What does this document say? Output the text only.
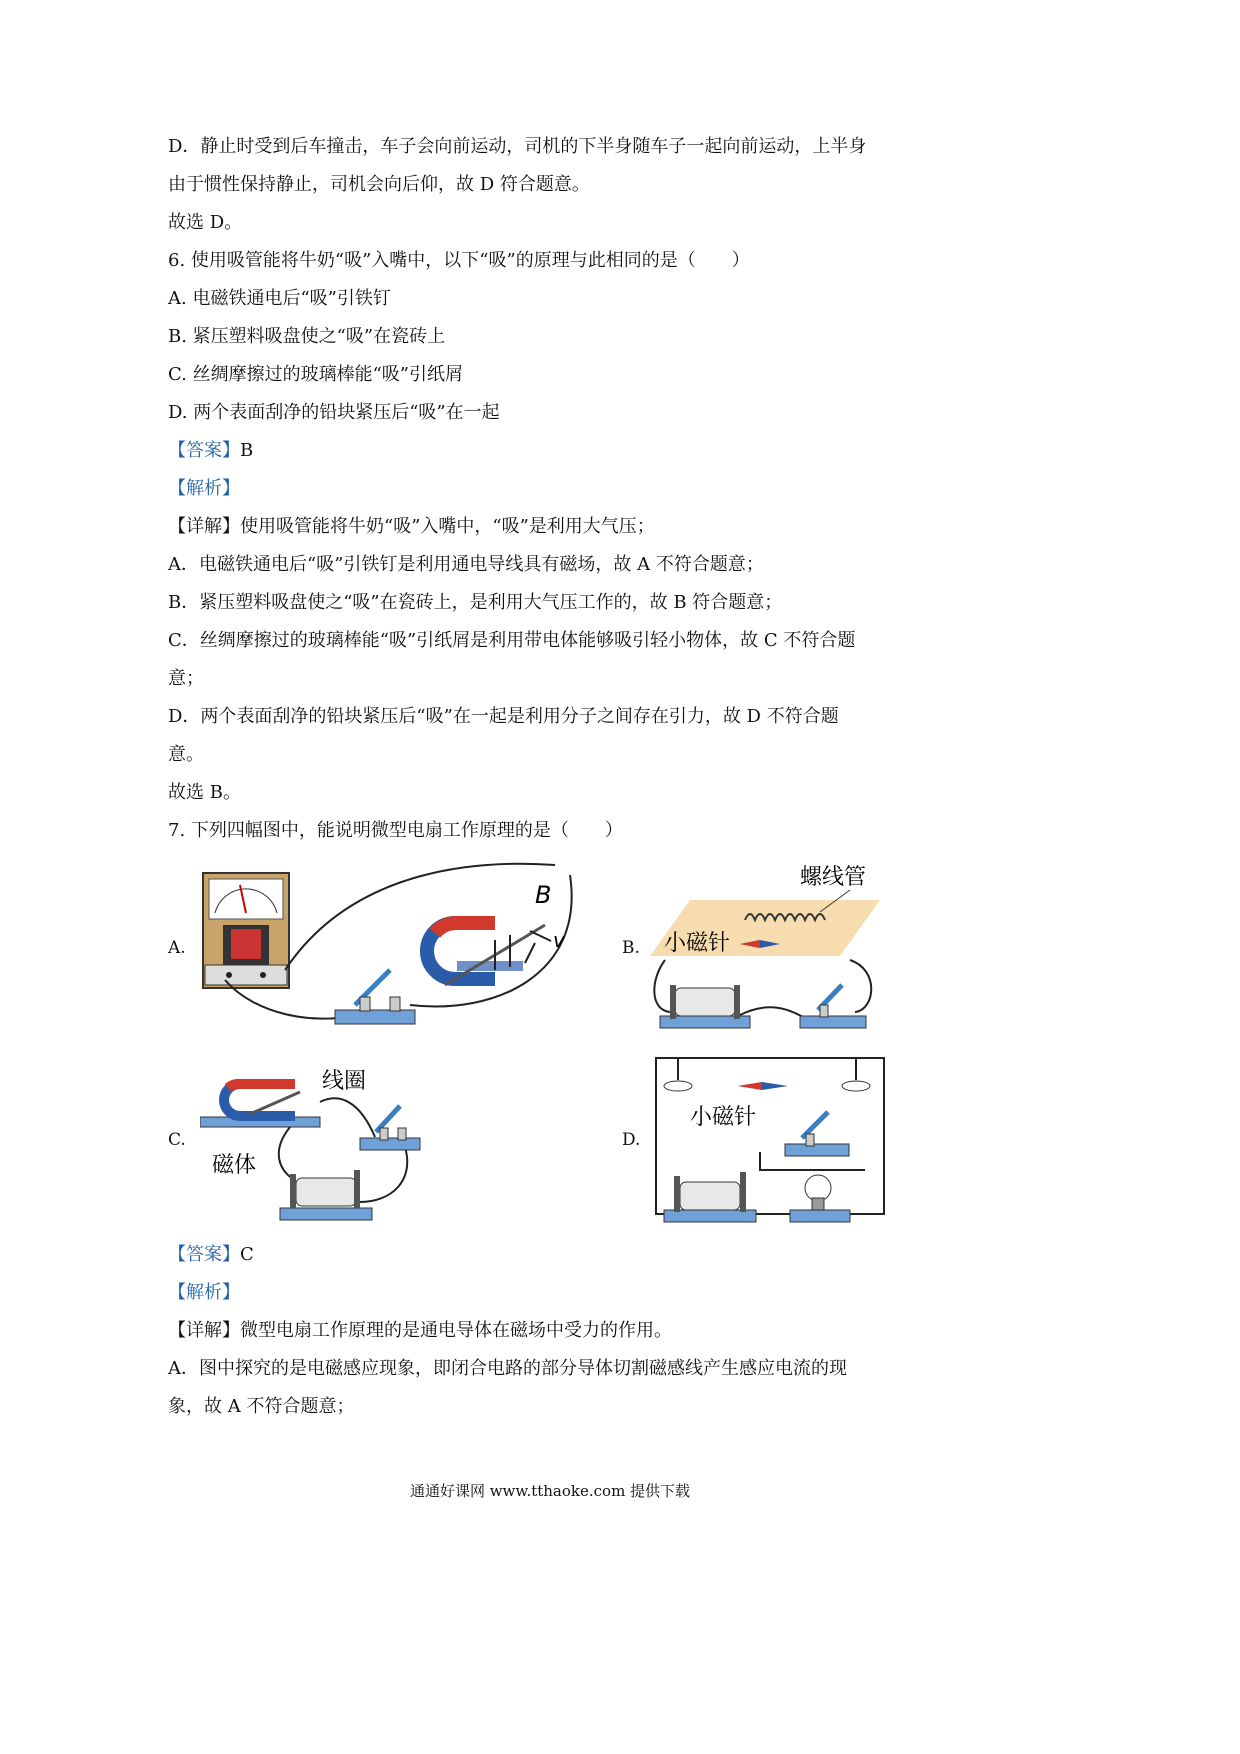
D．静止时受到后车撞击，车子会向前运动，司机的下半身随车子一起向前运动，上半身
由于惯性保持静止，司机会向后仰，故 D 符合题意。
故选 D。
6. 使用吸管能将牛奶“吸”入嘴中，以下“吸”的原理与此相同的是（　　）
A. 电磁铁通电后“吸”引铁钉
B. 紧压塑料吸盘使之“吸”在瓷砖上
C. 丝绸摩擦过的玻璃棒能“吸”引纸屑
D. 两个表面刮净的铅块紧压后“吸”在一起
【答案】B
【解析】
【详解】使用吸管能将牛奶“吸”入嘴中，“吸”是利用大气压；
A．电磁铁通电后“吸”引铁钉是利用通电导线具有磁场，故 A 不符合题意；
B．紧压塑料吸盘使之“吸”在瓷砖上，是利用大气压工作的，故 B 符合题意；
C．丝绸摩擦过的玻璃棒能“吸”引纸屑是利用带电体能够吸引轻小物体，故 C 不符合题
意；
D．两个表面刮净的铅块紧压后“吸”在一起是利用分子之间存在引力，故 D 不符合题
意。
故选 B。
7. 下列四幅图中，能说明微型电扇工作原理的是（　　）
A.	B.
C.	D.
B
v
螺线管
小磁针
线圈
磁体
小磁针
【答案】C
【解析】
【详解】微型电扇工作原理的是通电导体在磁场中受力的作用。
A．图中探究的是电磁感应现象，即闭合电路的部分导体切割磁感线产生感应电流的现
象，故 A 不符合题意；
通通好课网 www.tthaoke.com 提供下载
